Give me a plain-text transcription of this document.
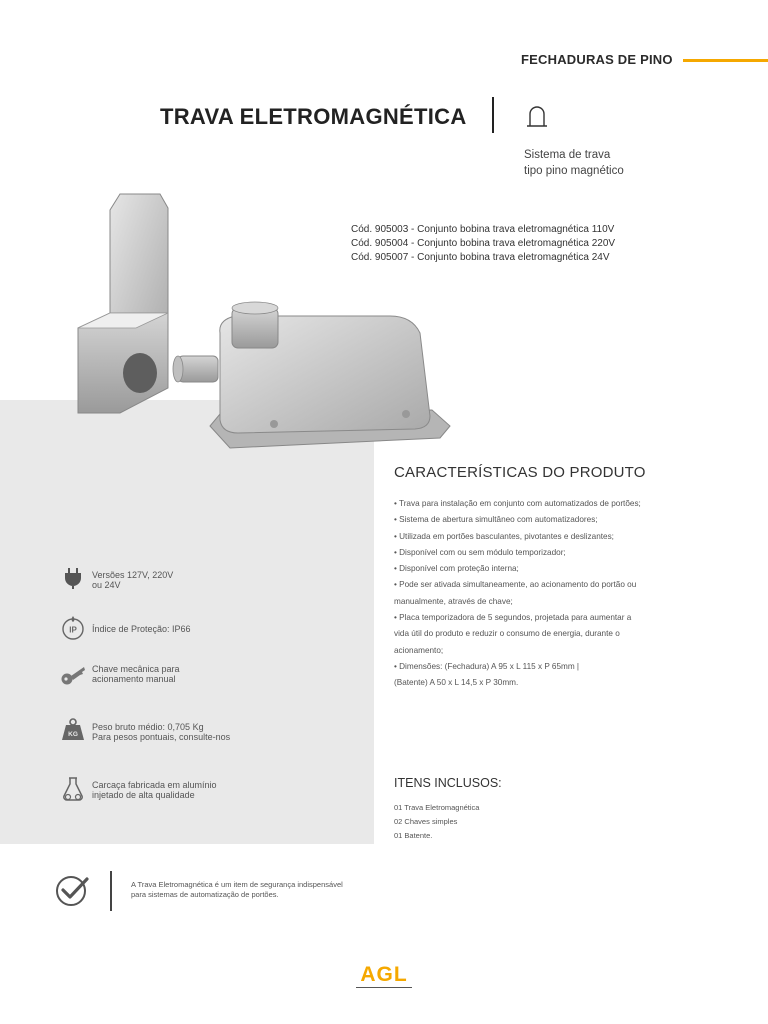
FECHADURAS DE PINO
TRAVA ELETROMAGNÉTICA
Sistema de trava
tipo pino magnético
Cód. 905003 - Conjunto bobina trava eletromagnética 110V
Cód. 905004 - Conjunto bobina trava eletromagnética 220V
Cód. 905007 - Conjunto bobina trava eletromagnética 24V
Versões 127V, 220V
ou 24V
IP Índice de Proteção: IP66
Chave mecânica para
acionamento manual
KG
Peso bruto médio: 0,705 Kg
Para pesos pontuais, consulte-nos
Carcaça fabricada em alumínio
injetado de alta qualidade
CARACTERÍSTICAS DO PRODUTO
• Trava para instalação em conjunto com automatizados de portões;
• Sistema de abertura simultâneo com automatizadores;
• Utilizada em portões basculantes, pivotantes e deslizantes;
• Disponível com ou sem módulo temporizador;
• Disponível com proteção interna;
• Pode ser ativada simultaneamente, ao acionamento do portão ou
manualmente, através de chave;
• Placa temporizadora de 5 segundos, projetada para aumentar a
vida útil do produto e reduzir o consumo de energia, durante o
acionamento;
• Dimensões: (Fechadura) A 95 x L 115 x P 65mm |
(Batente) A 50 x L 14,5 x P 30mm.
ITENS INCLUSOS:
01 Trava Eletromagnética
02 Chaves simples
01 Batente.
A Trava Eletromagnética é um item de segurança indispensável
para sistemas de automatização de portões.
AGL
